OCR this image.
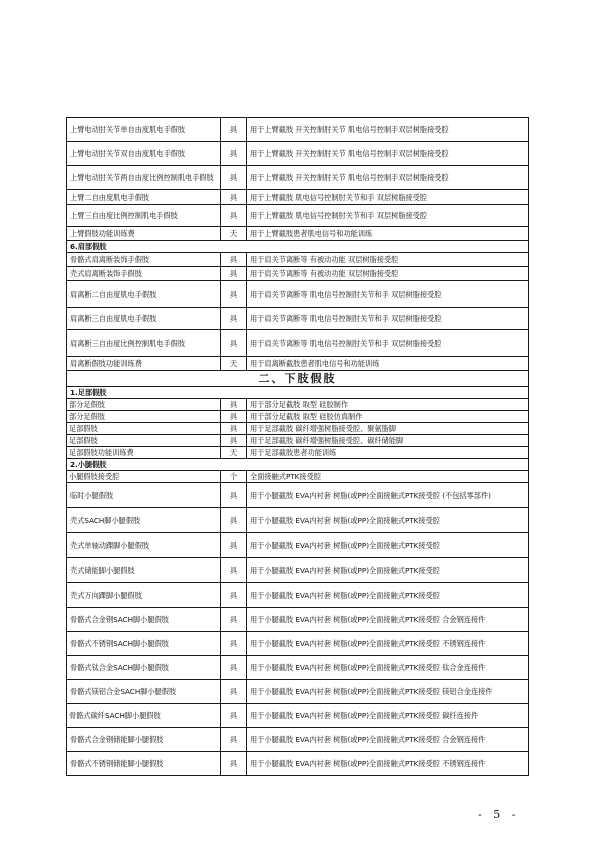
上臂电动肘关节单自由度肌电手假肢	具	用于上臂截肢 开关控制肘关节 肌电信号控制手双层树脂接受腔
上臂电动肘关节双自由度肌电手假肢	具	用于上臂截肢 开关控制肘关节 肌电信号控制手双层树脂接受腔
上臂电动肘关节两自由度比例控制肌电手假肢	具	用于上臂截肢 开关控制肘关节 肌电信号控制手双层树脂接受腔
上臂二自由度肌电手假肢	具	用于上臂截肢 肌电信号控制肘关节和手 双层树脂接受腔
上臂三自由度比例控制肌电手假肢	具	用于上臂截肢 肌电信号控制肘关节和手 双层树脂接受腔
上臂假肢功能训练费	天	用于上臂截肢患者肌电信号和功能训练
6.肩部假肢		
骨骼式肩离断装饰手假肢	具	用于肩关节离断等 有被动功能 双层树脂接受腔
壳式肩离断装饰手假肢	具	用于肩关节离断等 有被动功能 双层树脂接受腔
肩离断二自由度肌电手假肢	具	用于肩关节离断等 肌电信号控制肘关节和手 双层树脂接受腔
肩离断三自由度肌电手假肢	具	用于肩关节离断等 肌电信号控制肘关节和手 双层树脂接受腔
肩离断三自由度比例控制肌电手假肢	具	用于肩关节离断等 肌电信号控制肘关节和手 双层树脂接受腔
肩离断假肢功能训练费	天	用于肩离断截肢患者肌电信号和功能训练
二、下肢假肢		
1.足部假肢		
部分足假肢	具	用于部分足截肢 取型 硅胶制作
部分足假肢	具	用于部分足截肢 取型 硅胶仿真制作
足部假肢	具	用于足部截肢 碳纤增强树脂接受腔、聚氨脂脚
足部假肢	具	用于足部截肢 碳纤增强树脂接受腔、碳纤储能脚
足部假肢功能训练费	天	用于足部截肢患者功能训练
2.小腿假肢		
小腿假肢接受腔	个	全面接触式PTK接受腔
临时小腿假肢	具	用于小腿截肢 EVA内衬套 树脂(或PP)全面接触式PTK接受腔 (不包括零部件)
壳式SACH脚小腿假肢	具	用于小腿截肢 EVA内衬套 树脂(或PP)全面接触式PTK接受腔
壳式单轴动踝脚小腿假肢	具	用于小腿截肢 EVA内衬套 树脂(或PP)全面接触式PTK接受腔
壳式储能脚小腿假肢	具	用于小腿截肢 EVA内衬套 树脂(或PP)全面接触式PTK接受腔
壳式万向踝脚小腿假肢	具	用于小腿截肢 EVA内衬套 树脂(或PP)全面接触式PTK接受腔
骨骼式合金钢SACH脚小腿假肢	具	用于小腿截肢 EVA内衬套 树脂(或PP)全面接触式PTK接受腔 合金钢连接件
骨骼式不锈钢SACH脚小腿假肢	具	用于小腿截肢 EVA内衬套 树脂(或PP)全面接触式PTK接受腔 不锈钢连接件
骨骼式钛合金SACH脚小腿假肢	具	用于小腿截肢 EVA内衬套 树脂(或PP)全面接触式PTK接受腔 钛合金连接件
骨骼式镁铝合金SACH脚小腿假肢	具	用于小腿截肢 EVA内衬套 树脂(或PP)全面接触式PTK接受腔 镁铝合金连接件
骨骼式碳纤SACH脚小腿假肢	具	用于小腿截肢 EVA内衬套 树脂(或PP)全面接触式PTK接受腔 碳纤连接件
骨骼式合金钢储能脚小腿假肢	具	用于小腿截肢 EVA内衬套 树脂(或PP)全面接触式PTK接受腔 合金钢连接件
骨骼式不锈钢储能脚小腿假肢	具	用于小腿截肢 EVA内衬套 树脂(或PP)全面接触式PTK接受腔 不锈钢连接件
- 5 -
